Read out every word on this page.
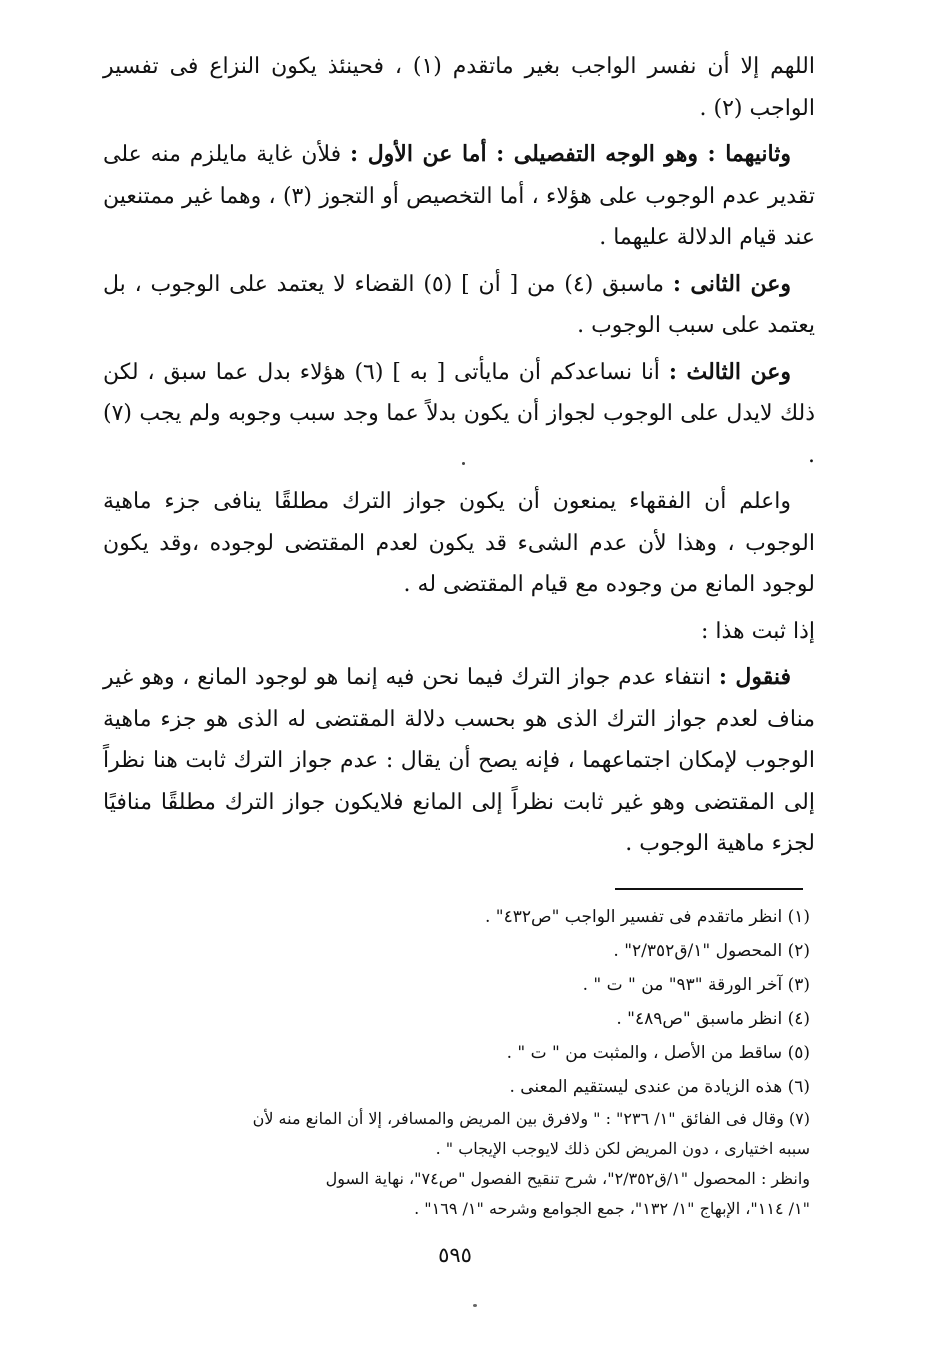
اللهم إلا أن نفسر الواجب بغير ماتقدم (١) ، فحينئذ يكون النزاع فى تفسير الواجب (٢) .

وثانيهما : وهو الوجه التفصيلى : أما عن الأول : فلأن غاية مايلزم منه على تقدير عدم الوجوب على هؤلاء ، أما التخصيص أو التجوز (٣) ، وهما غير ممتنعين عند قيام الدلالة عليهما .

وعن الثانى : ماسبق (٤) من [ أن ] (٥) القضاء لا يعتمد على الوجوب ، بل يعتمد على سبب الوجوب .

وعن الثالث : أنا نساعدكم أن مايأتى [ به ] (٦) هؤلاء بدل عما سبق ، لكن ذلك لايدل على الوجوب لجواز أن يكون بدلاً عما وجد سبب وجوبه ولم يجب (٧) .

واعلم أن الفقهاء يمنعون أن يكون جواز الترك مطلقًا ينافى جزء ماهية الوجوب ، وهذا لأن عدم الشىء قد يكون لعدم المقتضى لوجوده ،وقد يكون لوجود المانع من وجوده مع قيام المقتضى له .

إذا ثبت هذا :

فنقول : انتفاء عدم جواز الترك فيما نحن فيه إنما هو لوجود المانع ، وهو غير مناف لعدم جواز الترك الذى هو بحسب دلالة المقتضى له الذى هو جزء ماهية الوجوب لإمكان اجتماعهما ، فإنه يصح أن يقال : عدم جواز الترك ثابت هنا نظراً إلى المقتضى وهو غير ثابت نظراً إلى المانع فلايكون جواز الترك مطلقًا منافيًا لجزء ماهية الوجوب .

(١) انظر ماتقدم فى تفسير الواجب "ص٤٣٢" .

(٢) المحصول "١/ق٢/٣٥٢" .

(٣) آخر الورقة "٩٣" من " ت " .

(٤) انظر ماسبق "ص٤٨٩" .

(٥) ساقط من الأصل ، والمثبت من " ت " .

(٦) هذه الزيادة من عندى ليستقيم المعنى .

(٧) وقال فى الفائق "١/ ٢٣٦" : " ولافرق بين المريض والمسافر، إلا أن المانع منه لأن

سببه اختيارى ، دون المريض لكن ذلك لايوجب الإيجاب " .

وانظر : المحصول "١/ق٢/٣٥٢"، شرح تنقيح الفصول "ص٧٤"، نهاية السول

"١/ ١١٤"، الإبهاج "١/ ١٣٢"، جمع الجوامع وشرحه "١/ ١٦٩" .

٥٩٥
